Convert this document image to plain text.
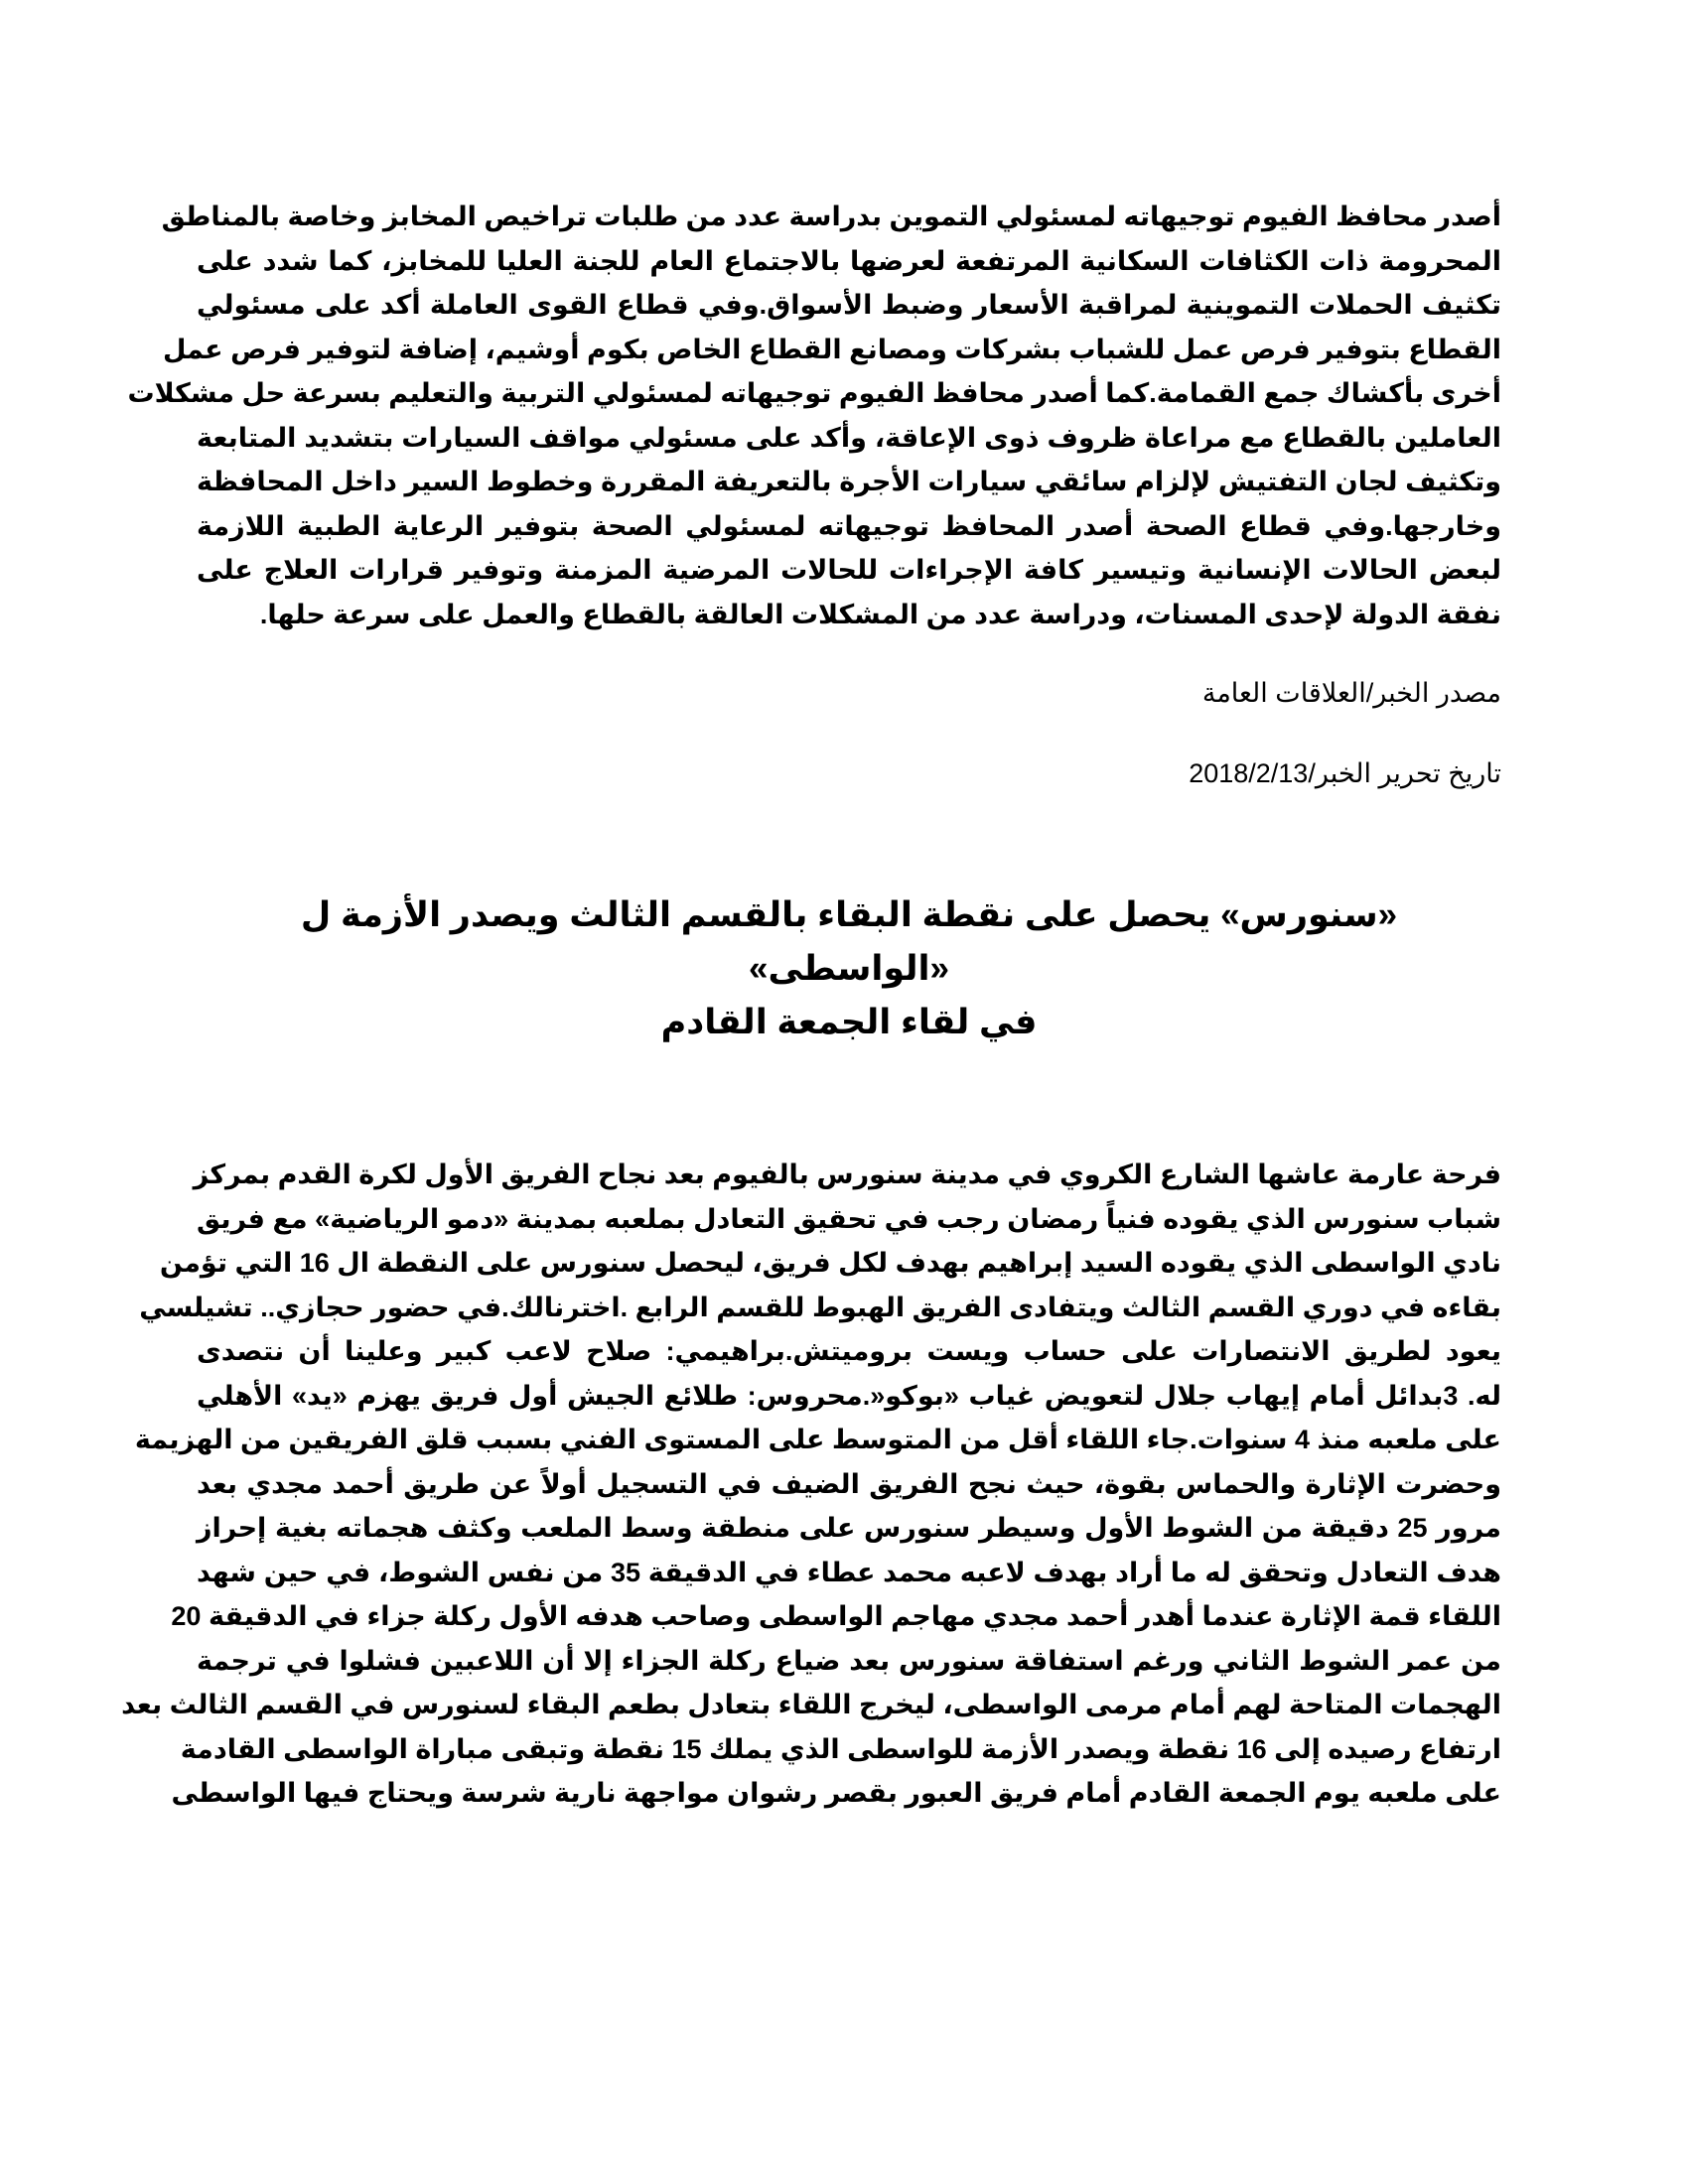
أصدر محافظ الفيوم توجيهاته لمسئولي التموين بدراسة عدد من طلبات تراخيص المخابز وخاصة بالمناطق
المحرومة ذات الكثافات السكانية المرتفعة لعرضها بالاجتماع العام للجنة العليا للمخابز، كما شدد على
تكثيف الحملات التموينية لمراقبة الأسعار وضبط الأسواق.وفي قطاع القوى العاملة أكد على مسئولي
القطاع بتوفير فرص عمل للشباب بشركات ومصانع القطاع الخاص بكوم أوشيم، إضافة لتوفير فرص عمل
أخرى بأكشاك جمع القمامة.كما أصدر محافظ الفيوم توجيهاته لمسئولي التربية والتعليم بسرعة حل مشكلات
العاملين بالقطاع مع مراعاة ظروف ذوى الإعاقة، وأكد على مسئولي مواقف السيارات بتشديد المتابعة
وتكثيف لجان التفتيش لإلزام سائقي سيارات الأجرة بالتعريفة المقررة وخطوط السير داخل المحافظة
وخارجها.وفي قطاع الصحة أصدر المحافظ توجيهاته لمسئولي الصحة بتوفير الرعاية الطبية اللازمة
لبعض الحالات الإنسانية وتيسير كافة الإجراءات للحالات المرضية المزمنة وتوفير قرارات العلاج على
نفقة الدولة لإحدى المسنات، ودراسة عدد من المشكلات العالقة بالقطاع والعمل على سرعة حلها.

مصدر الخبر/العلاقات العامة

تاريخ تحرير الخبر/2018/2/13

«سنورس» يحصل على نقطة البقاء بالقسم الثالث ويصدر الأزمة ل «الواسطى»
في لقاء الجمعة القادم

فرحة عارمة عاشها الشارع الكروي في مدينة سنورس بالفيوم بعد نجاح الفريق الأول لكرة القدم بمركز
شباب سنورس الذي يقوده فنياً رمضان رجب في تحقيق التعادل بملعبه بمدينة «دمو الرياضية» مع فريق
نادي الواسطى الذي يقوده السيد إبراهيم بهدف لكل فريق، ليحصل سنورس على النقطة ال 16 التي تؤمن
بقاءه في دوري القسم الثالث ويتفادى الفريق الهبوط للقسم الرابع .اخترنالك.في حضور حجازي.. تشيلسي
يعود لطريق الانتصارات على حساب ويست بروميتش.براهيمي: صلاح لاعب كبير وعلينا أن نتصدى
له. 3بدائل أمام إيهاب جلال لتعويض غياب «بوكو«.محروس: طلائع الجيش أول فريق يهزم «يد» الأهلي
على ملعبه منذ 4 سنوات.جاء اللقاء أقل من المتوسط على المستوى الفني بسبب قلق الفريقين من الهزيمة
وحضرت الإثارة والحماس بقوة، حيث نجح الفريق الضيف في التسجيل أولاً عن طريق أحمد مجدي بعد
مرور 25 دقيقة من الشوط الأول وسيطر سنورس على منطقة وسط الملعب وكثف هجماته بغية إحراز
هدف التعادل وتحقق له ما أراد بهدف لاعبه محمد عطاء في الدقيقة 35 من نفس الشوط، في حين شهد
اللقاء قمة الإثارة عندما أهدر أحمد مجدي مهاجم الواسطى وصاحب هدفه الأول ركلة جزاء في الدقيقة 20
من عمر الشوط الثاني ورغم استفاقة سنورس بعد ضياع ركلة الجزاء إلا أن اللاعبين فشلوا في ترجمة
الهجمات المتاحة لهم أمام مرمى الواسطى، ليخرج اللقاء بتعادل بطعم البقاء لسنورس في القسم الثالث بعد
ارتفاع رصيده إلى 16 نقطة ويصدر الأزمة للواسطى الذي يملك 15 نقطة وتبقى مباراة الواسطى القادمة
على ملعبه يوم الجمعة القادم أمام فريق العبور بقصر رشوان مواجهة نارية شرسة ويحتاج فيها الواسطى
